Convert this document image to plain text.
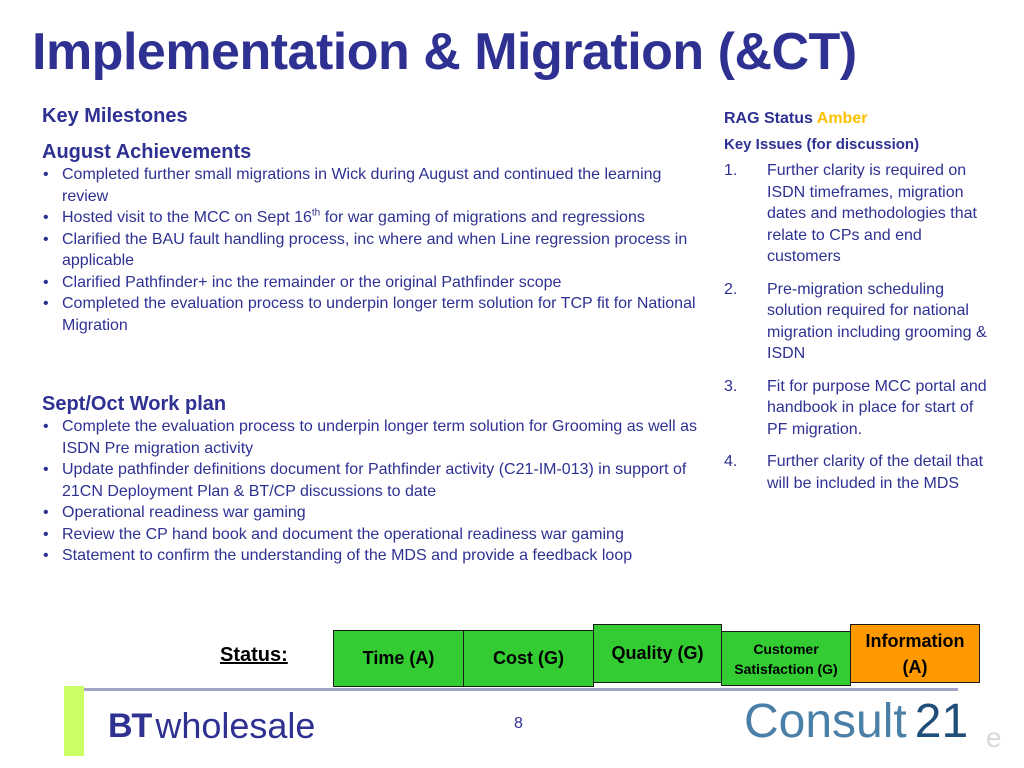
Implementation & Migration (&CT)
Key Milestones
August Achievements
• Completed further small migrations in Wick during August and continued the learning review
• Hosted visit to the MCC on Sept 16th for war gaming of migrations and regressions
• Clarified the BAU fault handling process, inc where and when Line regression process in applicable
• Clarified Pathfinder+ inc the remainder or the original Pathfinder scope
• Completed the evaluation process to underpin longer term solution for TCP fit for National Migration
Sept/Oct Work plan
• Complete the evaluation process to underpin longer term solution for Grooming as well as ISDN Pre migration activity
• Update pathfinder definitions document for Pathfinder activity (C21-IM-013) in support of 21CN Deployment Plan & BT/CP discussions to date
• Operational readiness war gaming
• Review the CP hand book and document the operational readiness war gaming
• Statement to confirm the understanding of the MDS and provide a feedback loop
RAG Status Amber
Key Issues (for discussion)
1. Further clarity is required on ISDN timeframes, migration dates and methodologies that relate to CPs and end customers
2. Pre-migration scheduling solution required for national migration including grooming & ISDN
3. Fit for purpose MCC portal and handbook in place for start of PF migration.
4. Further clarity of the detail that will be included in the MDS
Status:	Time (A)	Cost (G)	Quality (G)	Customer
Satisfaction (G)
Information
(A)
BT wholesale	8	Consult 21 e
